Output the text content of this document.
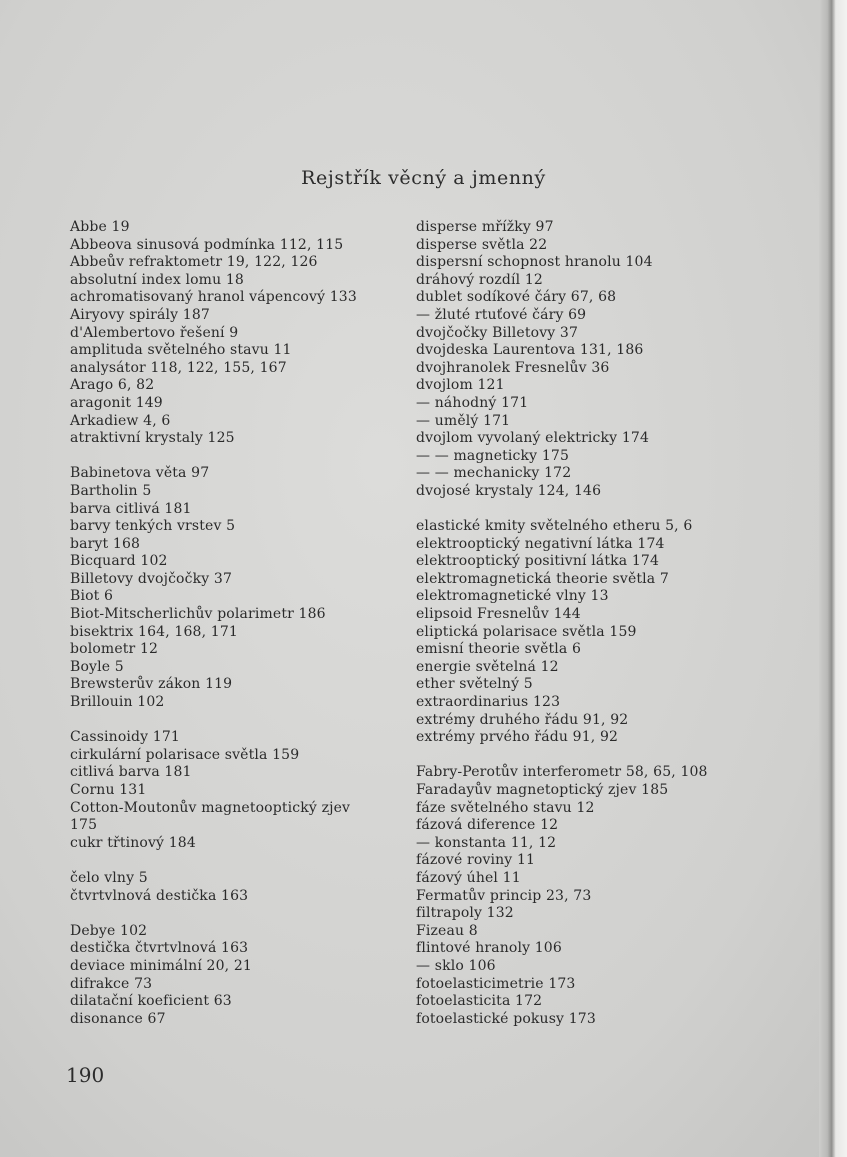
Rejstřík věcný a jmenný
Abbe 19
Abbeova sinusová podmínka 112, 115
Abbeův refraktometr 19, 122, 126
absolutní index lomu 18
achromatisovaný hranol vápencový 133
Airyovy spirály 187
d'Alembertovo řešení 9
amplituda světelného stavu 11
analysátor 118, 122, 155, 167
Arago 6, 82
aragonit 149
Arkadiew 4, 6
atraktivní krystaly 125
Babinetova věta 97
Bartholin 5
barva citlivá 181
barvy tenkých vrstev 5
baryt 168
Bicquard 102
Billetovy dvojčočky 37
Biot 6
Biot-Mitscherlichův polarimetr 186
bisektrix 164, 168, 171
bolometr 12
Boyle 5
Brewsterův zákon 119
Brillouin 102
Cassinoidy 171
cirkulární polarisace světla 159
citlivá barva 181
Cornu 131
Cotton-Moutonův magnetooptický zjev
175
cukr třtinový 184
čelo vlny 5
čtvrtvlnová destička 163
Debye 102
destička čtvrtvlnová 163
deviace minimální 20, 21
difrakce 73
dilatační koeficient 63
disonance 67
disperse mřížky 97
disperse světla 22
dispersní schopnost hranolu 104
dráhový rozdíl 12
dublet sodíkové čáry 67, 68
— žluté rtuťové čáry 69
dvojčočky Billetovy 37
dvojdeska Laurentova 131, 186
dvojhranolek Fresnelův 36
dvojlom 121
— náhodný 171
— umělý 171
dvojlom vyvolaný elektricky 174
— — magneticky 175
— — mechanicky 172
dvojosé krystaly 124, 146
elastické kmity světelného etheru 5, 6
elektrooptický negativní látka 174
elektrooptický positivní látka 174
elektromagnetická theorie světla 7
elektromagnetické vlny 13
elipsoid Fresnelův 144
eliptická polarisace světla 159
emisní theorie světla 6
energie světelná 12
ether světelný 5
extraordinarius 123
extrémy druhého řádu 91, 92
extrémy prvého řádu 91, 92
Fabry-Perotův interferometr 58, 65, 108
Faradayův magnetoptický zjev 185
fáze světelného stavu 12
fázová diference 12
— konstanta 11, 12
fázové roviny 11
fázový úhel 11
Fermatův princip 23, 73
filtrapoly 132
Fizeau 8
flintové hranoly 106
— sklo 106
fotoelasticimetrie 173
fotoelasticita 172
fotoelastické pokusy 173
190
